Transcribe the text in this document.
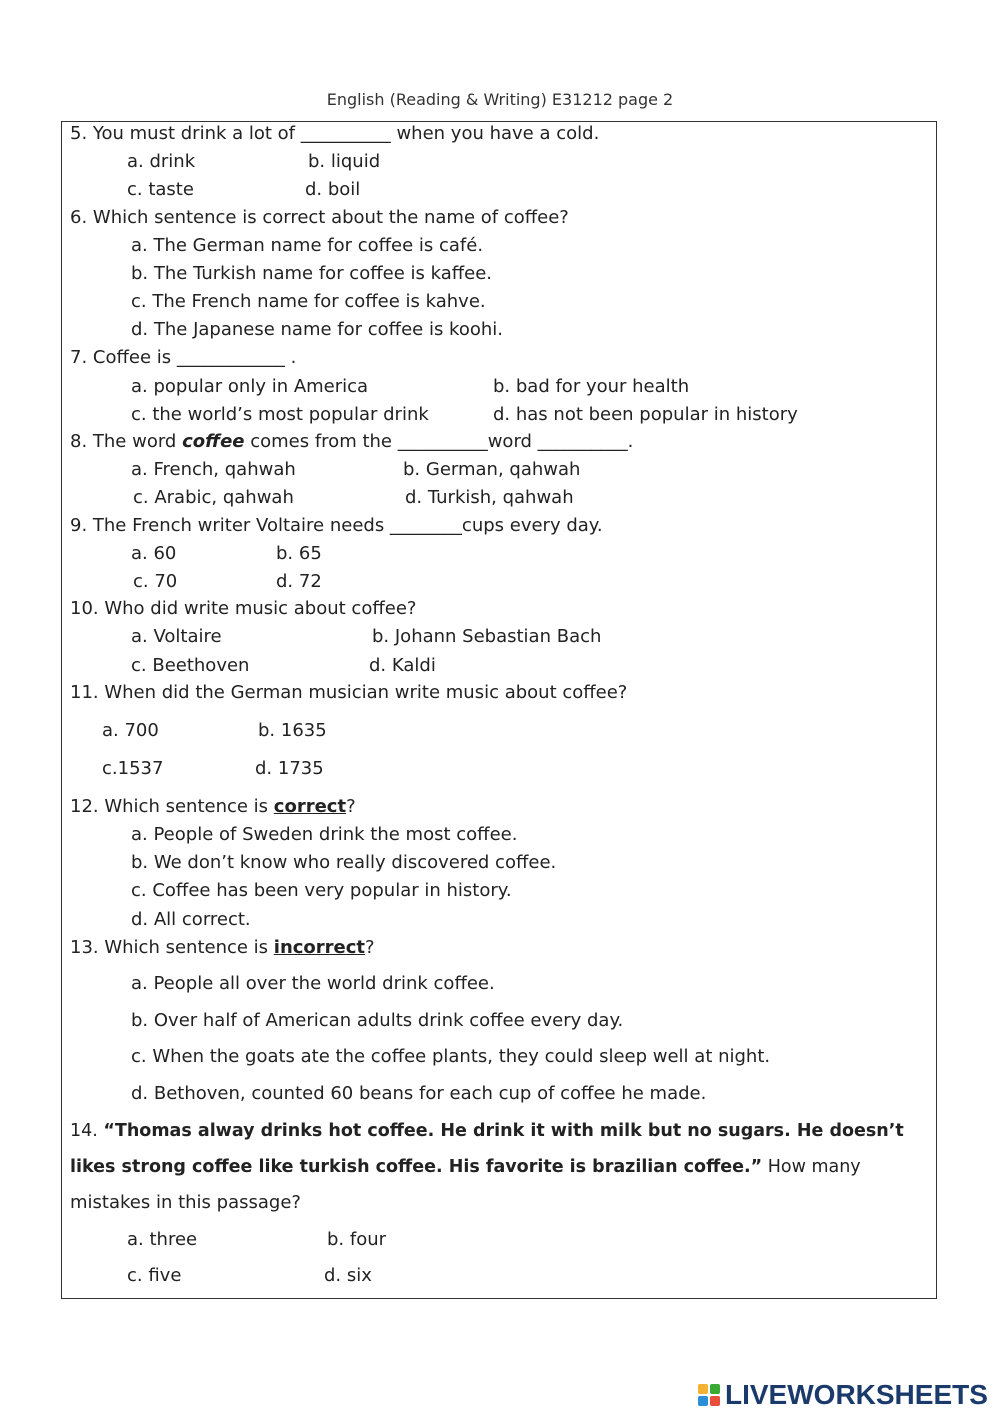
English (Reading & Writing) E31212 page 2
5. You must drink a lot of __________ when you have a cold.
a. drink	b. liquid
c. taste	d. boil
6. Which sentence is correct about the name of coffee?
a. The German name for coffee is café.
b. The Turkish name for coffee is kaffee.
c. The French name for coffee is kahve.
d. The Japanese name for coffee is koohi.
7. Coffee is ____________ .
a. popular only in America	b. bad for your health
c. the world’s most popular drink	d. has not been popular in history
8. The word coffee comes from the __________word __________.
a. French, qahwah	b. German, qahwah
c. Arabic, qahwah	d. Turkish, qahwah
9. The French writer Voltaire needs ________cups every day.
a. 60	b. 65
c. 70	d. 72
10. Who did write music about coffee?
a. Voltaire	b. Johann Sebastian Bach
c. Beethoven	d. Kaldi
11. When did the German musician write music about coffee?
a. 700	b. 1635
c.1537	d. 1735
12. Which sentence is correct?
a. People of Sweden drink the most coffee.
b. We don’t know who really discovered coffee.
c. Coffee has been very popular in history.
d. All correct.
13. Which sentence is incorrect?
a. People all over the world drink coffee.
b. Over half of American adults drink coffee every day.
c. When the goats ate the coffee plants, they could sleep well at night.
d. Bethoven, counted 60 beans for each cup of coffee he made.
14. “Thomas alway drinks hot coffee. He drink it with milk but no sugars. He doesn’t
likes strong coffee like turkish coffee. His favorite is brazilian coffee.” How many
mistakes in this passage?
a. three	b. four
c. five	d. six
LIVEWORKSHEETS
